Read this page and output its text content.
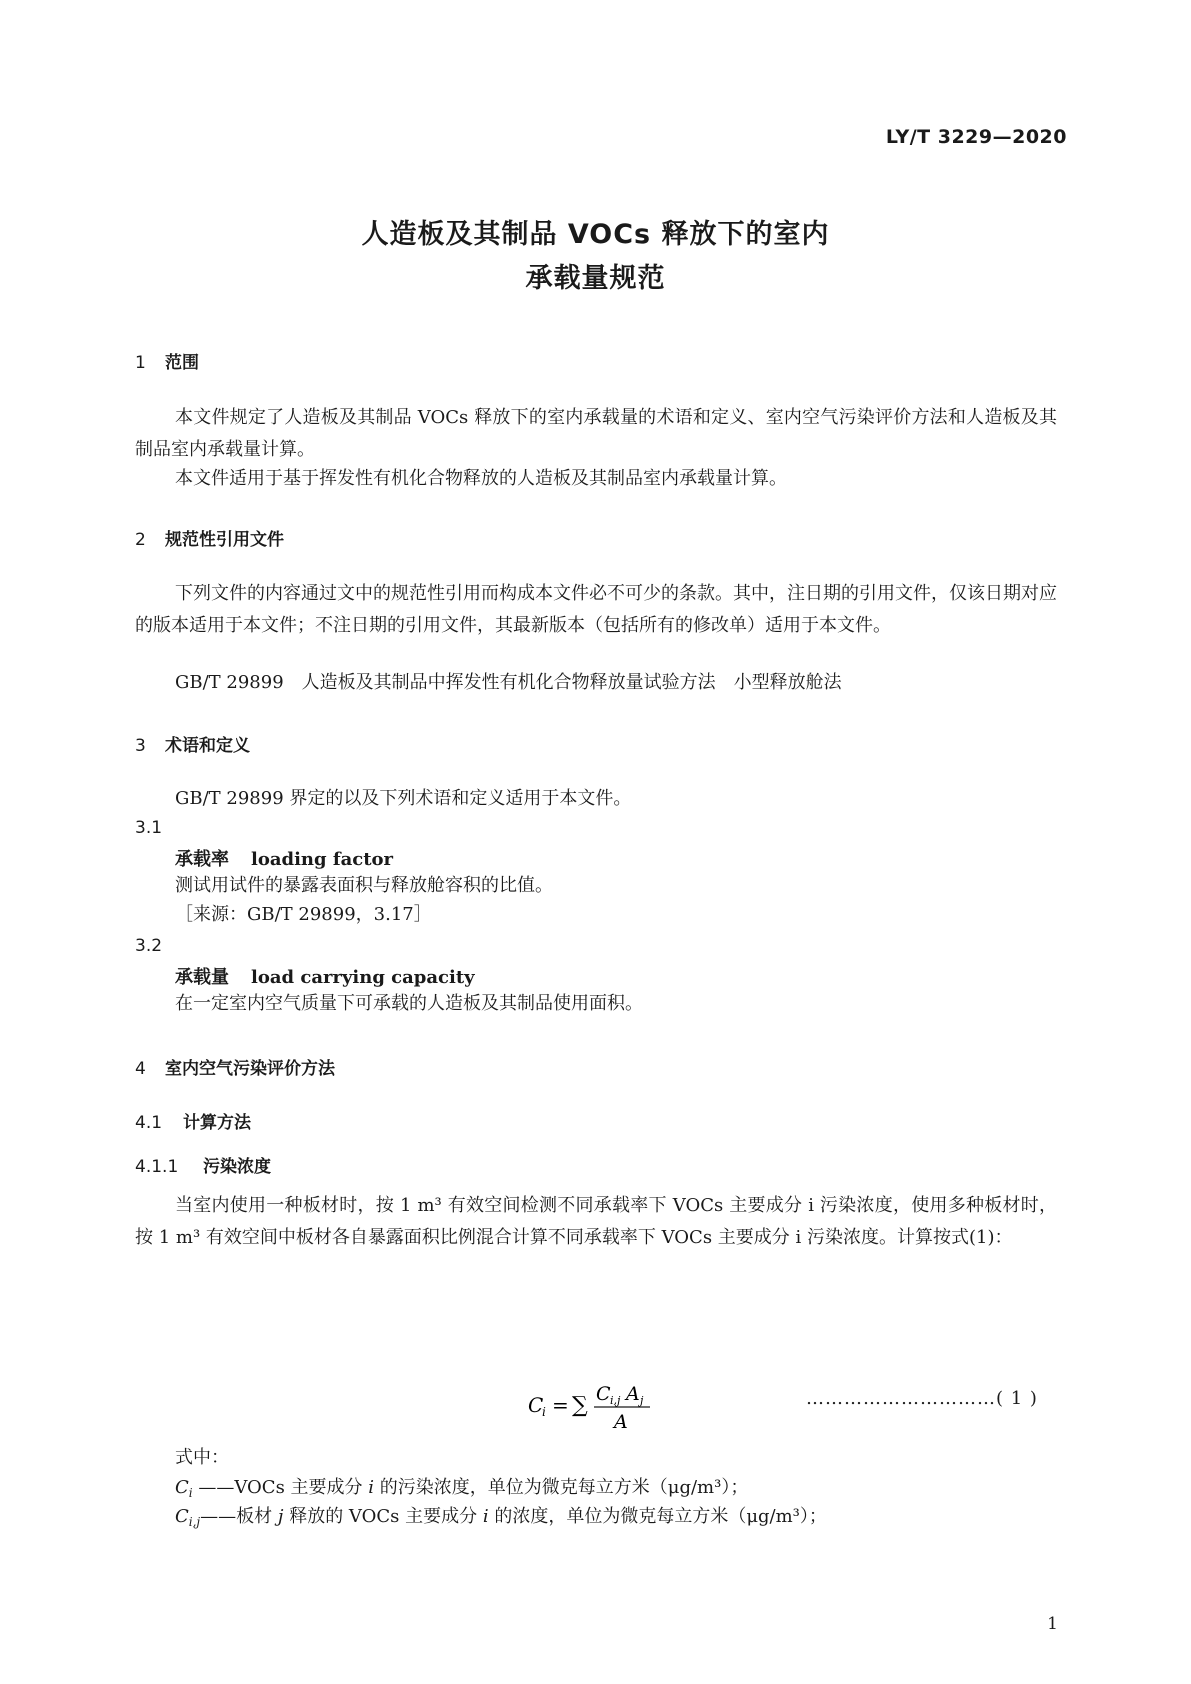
LY/T 3229—2020
人造板及其制品 VOCs 释放下的室内
承载量规范
1 范围
本文件规定了人造板及其制品 VOCs 释放下的室内承载量的术语和定义、室内空气污染评价方法和人造板及其制品室内承载量计算。
本文件适用于基于挥发性有机化合物释放的人造板及其制品室内承载量计算。
2 规范性引用文件
下列文件的内容通过文中的规范性引用而构成本文件必不可少的条款。其中，注日期的引用文件，仅该日期对应的版本适用于本文件；不注日期的引用文件，其最新版本（包括所有的修改单）适用于本文件。
GB/T 29899　人造板及其制品中挥发性有机化合物释放量试验方法　小型释放舱法
3 术语和定义
GB/T 29899 界定的以及下列术语和定义适用于本文件。
3.1
承载率 loading factor
测试用试件的暴露表面积与释放舱容积的比值。
［来源：GB/T 29899，3.17］
3.2
承载量 load carrying capacity
在一定室内空气质量下可承载的人造板及其制品使用面积。
4 室内空气污染评价方法
4.1 计算方法
4.1.1 污染浓度
当室内使用一种板材时，按 1 m³ 有效空间检测不同承载率下 VOCs 主要成分 i 污染浓度，使用多种板材时，按 1 m³ 有效空间中板材各自暴露面积比例混合计算不同承载率下 VOCs 主要成分 i 污染浓度。计算按式(1)：
C
i = ∑ C i,j A j
A
…………………………( 1 )
式中：
$C_i$ ——VOCs 主要成分 i 的污染浓度，单位为微克每立方米（μg/m³）；
$C_{i,j}——$板材 j 释放的 VOCs 主要成分 i 的浓度，单位为微克每立方米（μg/m³）；
1
